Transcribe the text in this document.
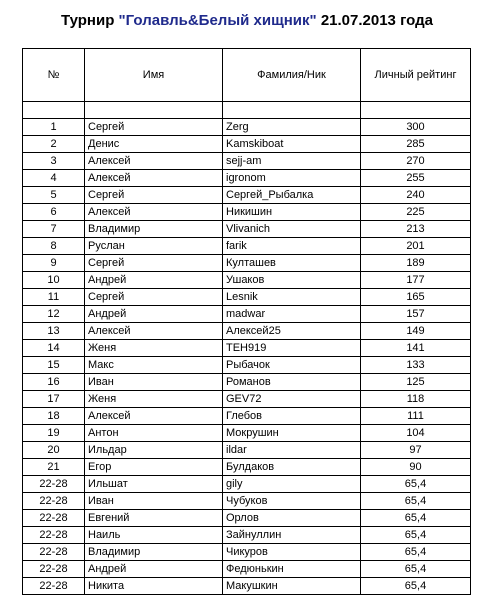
Турнир "Голавль&Белый хищник" 21.07.2013 года
№	Имя	Фамилия/Ник	Личный рейтинг

1	Сергей	Zerg	300
2	Денис	Kamskiboat	285
3	Алексей	sejj-am	270
4	Алексей	igronom	255
5	Сергей	Сергей_Рыбалка	240
6	Алексей	Никишин	225
7	Владимир	Vlivanich	213
8	Руслан	farik	201
9	Сергей	Култашев	189
10	Андрей	Ушаков	177
11	Сергей	Lesnik	165
12	Андрей	madwar	157
13	Алексей	Алексей25	149
14	Женя	ТЕН919	141
15	Макс	Рыбачок	133
16	Иван	Романов	125
17	Женя	GEV72	118
18	Алексей	Глебов	111
19	Антон	Мокрушин	104
20	Ильдар	ildar	97
21	Егор	Булдаков	90
22-28	Ильшат	gily	65,4
22-28	Иван	Чубуков	65,4
22-28	Евгений	Орлов	65,4
22-28	Наиль	Зайнуллин	65,4
22-28	Владимир	Чикуров	65,4
22-28	Андрей	Федюнькин	65,4
22-28	Никита	Макушкин	65,4
